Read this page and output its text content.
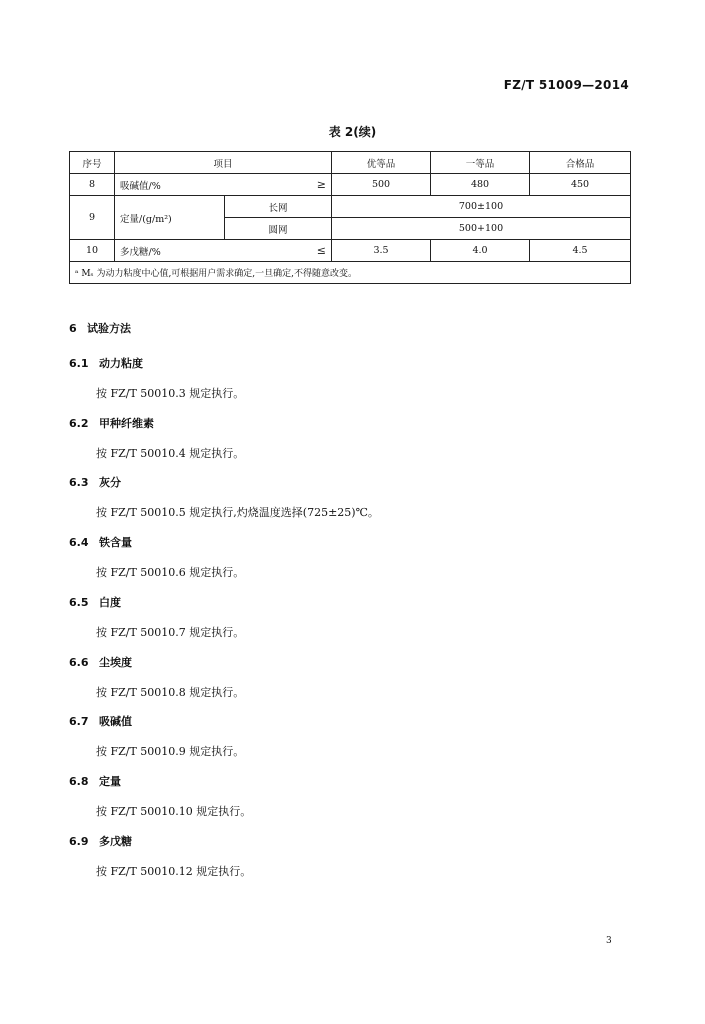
FZ/T 51009—2014
表 2(续)
序号	项目		优等品	一等品	合格品	
8	吸碱值/% ≥		500	480	450	
9	定量/(g/m²)	长网	700±100	
		圆网	500+100			
10	多戊糖/% ≤		3.5	4.0	4.5	
ᵃ Mₛ 为动力粘度中心值,可根据用户需求确定,一旦确定,不得随意改变。						
6 试验方法
6.1 动力粘度
按 FZ/T 50010.3 规定执行。
6.2 甲种纤维素
按 FZ/T 50010.4 规定执行。
6.3 灰分
按 FZ/T 50010.5 规定执行,灼烧温度选择(725±25)℃。
6.4 铁含量
按 FZ/T 50010.6 规定执行。
6.5 白度
按 FZ/T 50010.7 规定执行。
6.6 尘埃度
按 FZ/T 50010.8 规定执行。
6.7 吸碱值
按 FZ/T 50010.9 规定执行。
6.8 定量
按 FZ/T 50010.10 规定执行。
6.9 多戊糖
按 FZ/T 50010.12 规定执行。
3
